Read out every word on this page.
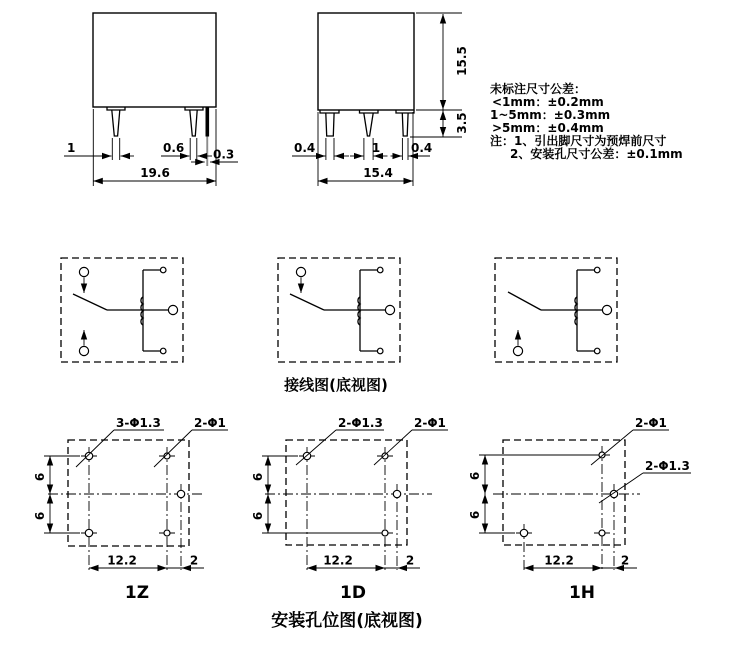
1	0.6 0.3
19.6
0.4	1	0.4
15.4
15.5
3.5
未标注尺寸公差：
<1mm：±0.2mm
1~5mm：±0.3mm
>5mm：±0.4mm
注：1、引出脚尺寸为预焊前尺寸
2、安装孔尺寸公差：±0.1mm
接线图(底视图)
3-Φ1.3	2-Φ1
6
6
12.2	2
1Z
2-Φ1.3	2-Φ1
6
6
12.2	2
1D
2-Φ1
2-Φ1.3
6
6
12.2	2
1H
安装孔位图(底视图)
